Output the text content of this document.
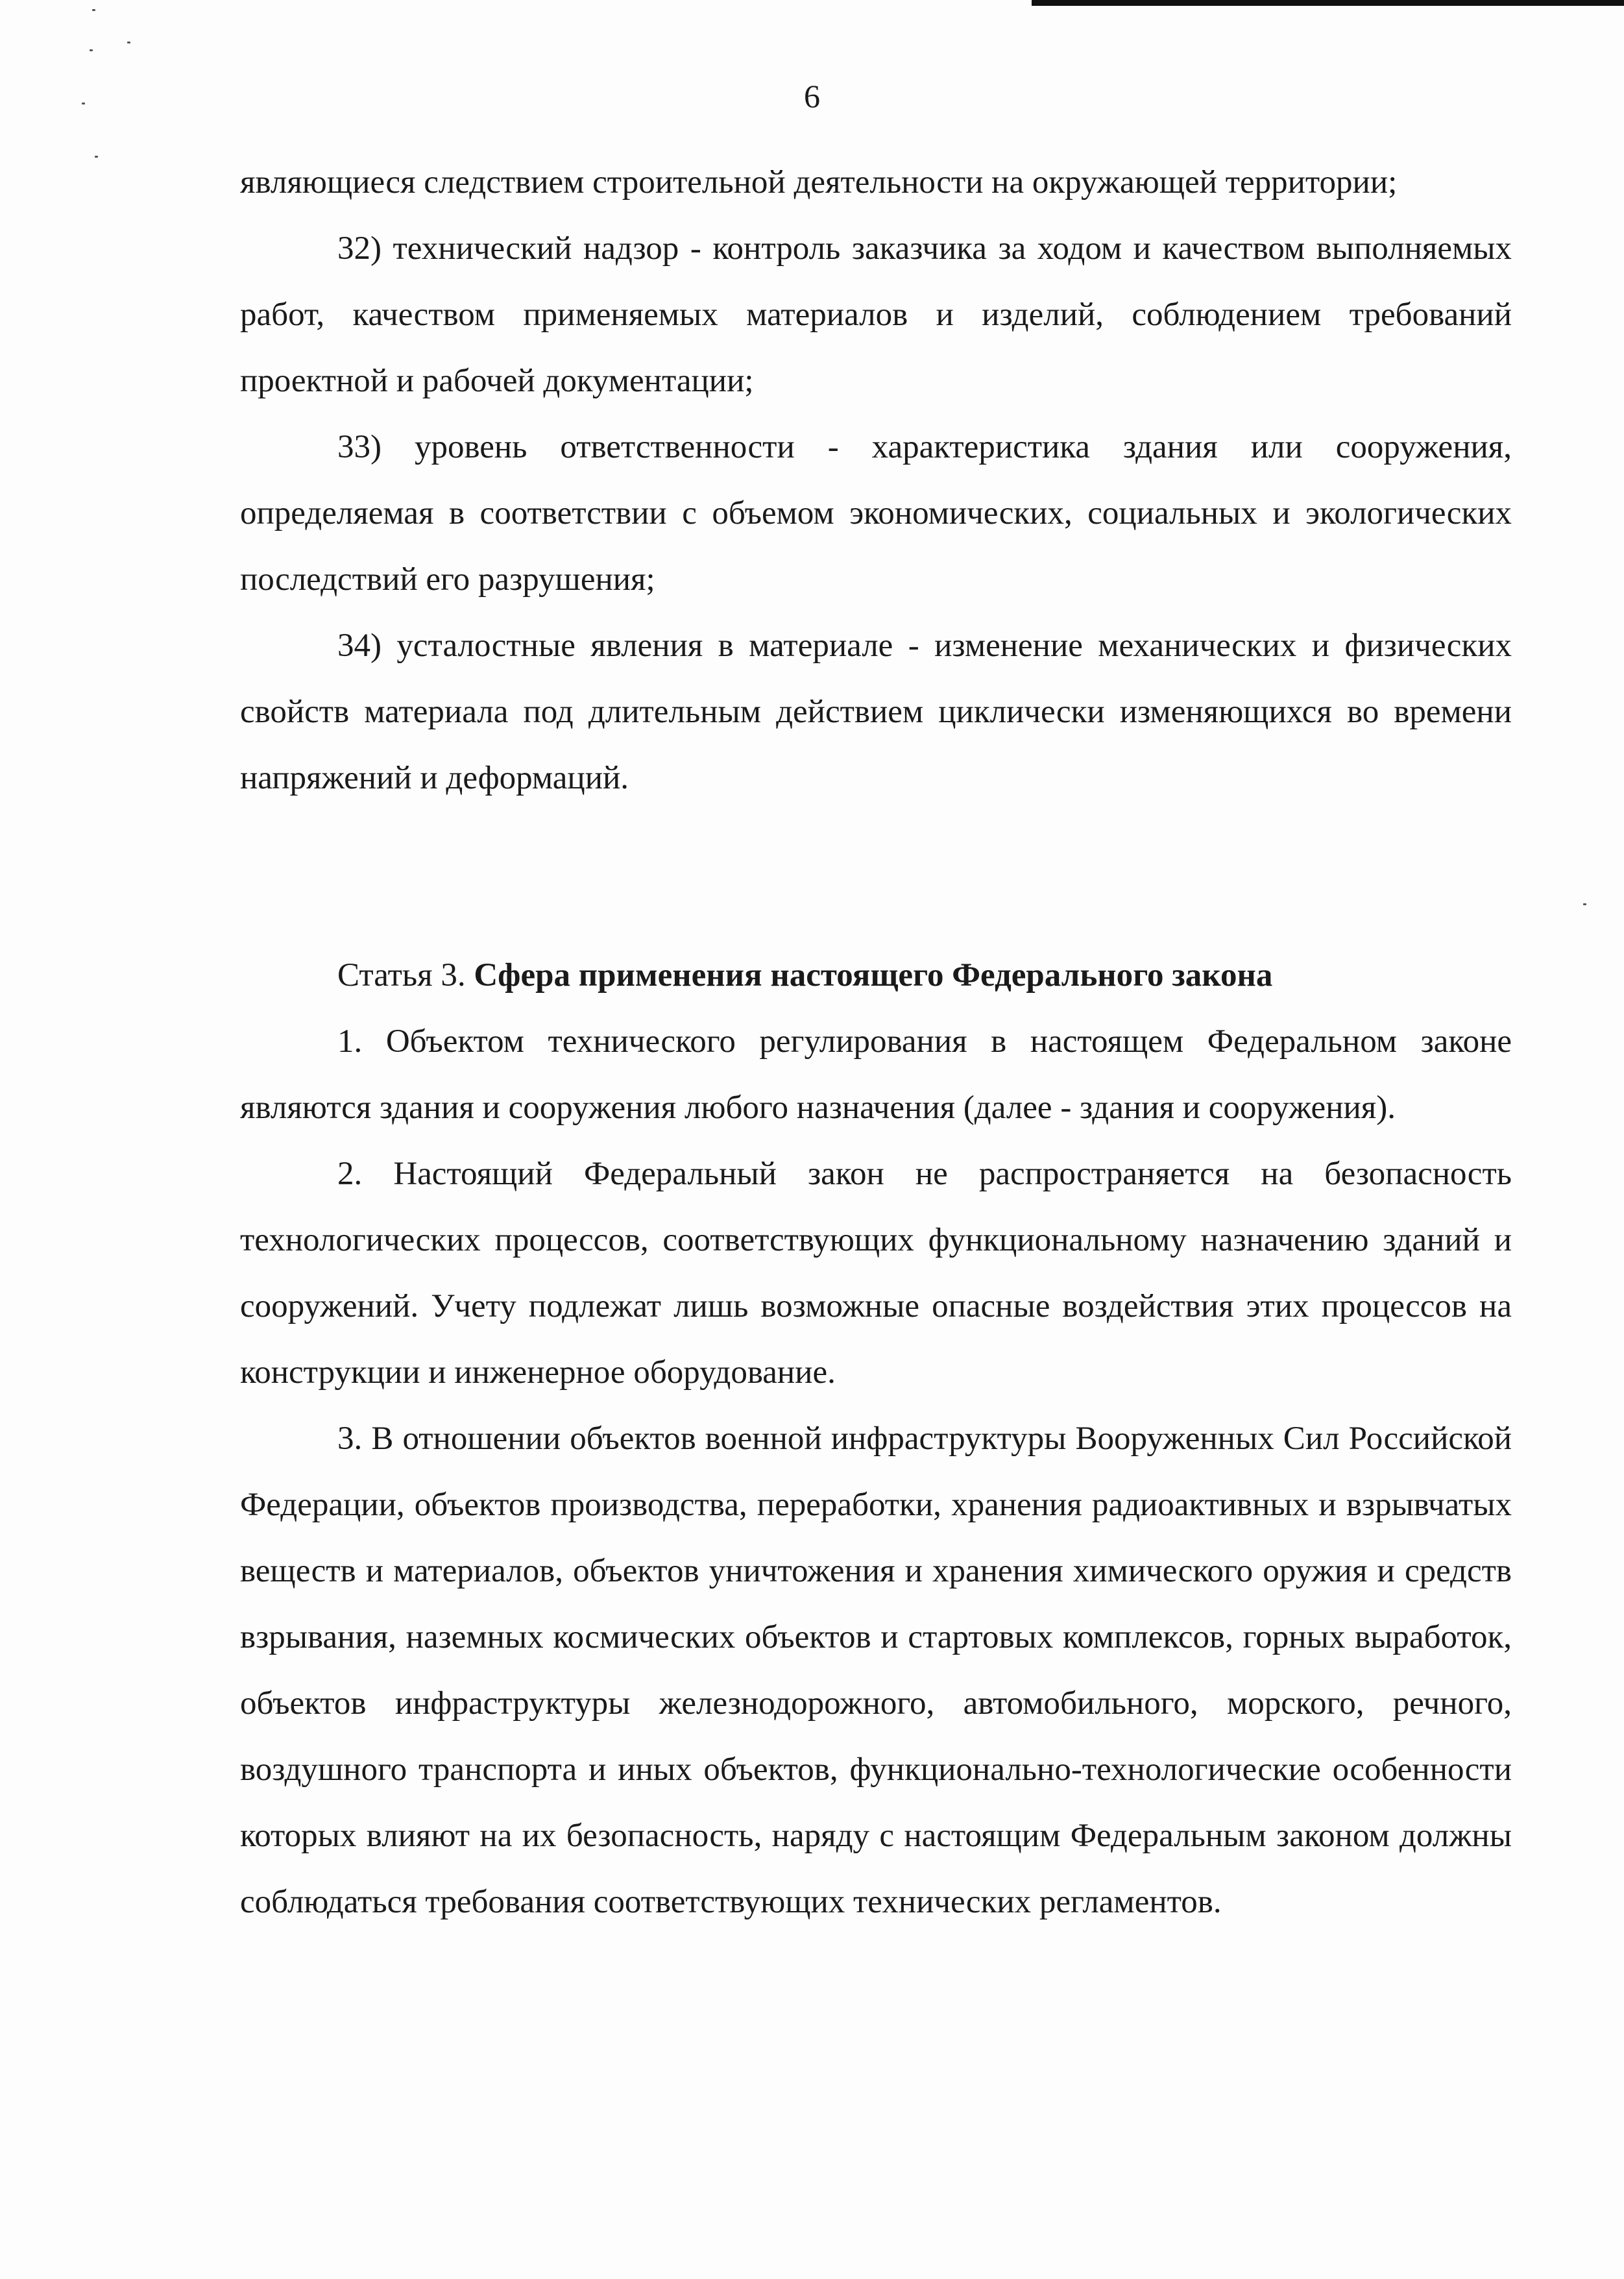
6

являющиеся следствием строительной деятельности на окружающей территории;

32) технический надзор - контроль заказчика за ходом и качеством выполняемых работ, качеством применяемых материалов и изделий, соблюдением требований проектной и рабочей документации;

33) уровень ответственности - характеристика здания или сооружения, определяемая в соответствии с объемом экономических, социальных и экологических последствий его разрушения;

34) усталостные явления в материале - изменение механических и физических свойств материала под длительным действием циклически изменяющихся во времени напряжений и деформаций.

Статья 3. Сфера применения настоящего Федерального закона

1. Объектом технического регулирования в настоящем Федеральном законе являются здания и сооружения любого назначения (далее - здания и сооружения).

2. Настоящий Федеральный закон не распространяется на безопасность технологических процессов, соответствующих функциональному назначению зданий и сооружений. Учету подлежат лишь возможные опасные воздействия этих процессов на конструкции и инженерное оборудование.

3. В отношении объектов военной инфраструктуры Вооруженных Сил Российской Федерации, объектов производства, переработки, хранения радиоактивных и взрывчатых веществ и материалов, объектов уничтожения и хранения химического оружия и средств взрывания, наземных космических объектов и стартовых комплексов, горных выработок, объектов инфраструктуры железнодорожного, автомобильного, морского, речного, воздушного транспорта и иных объектов, функционально-технологические особенности которых влияют на их безопасность, наряду с настоящим Федеральным законом должны соблюдаться требования соответствующих технических регламентов.
